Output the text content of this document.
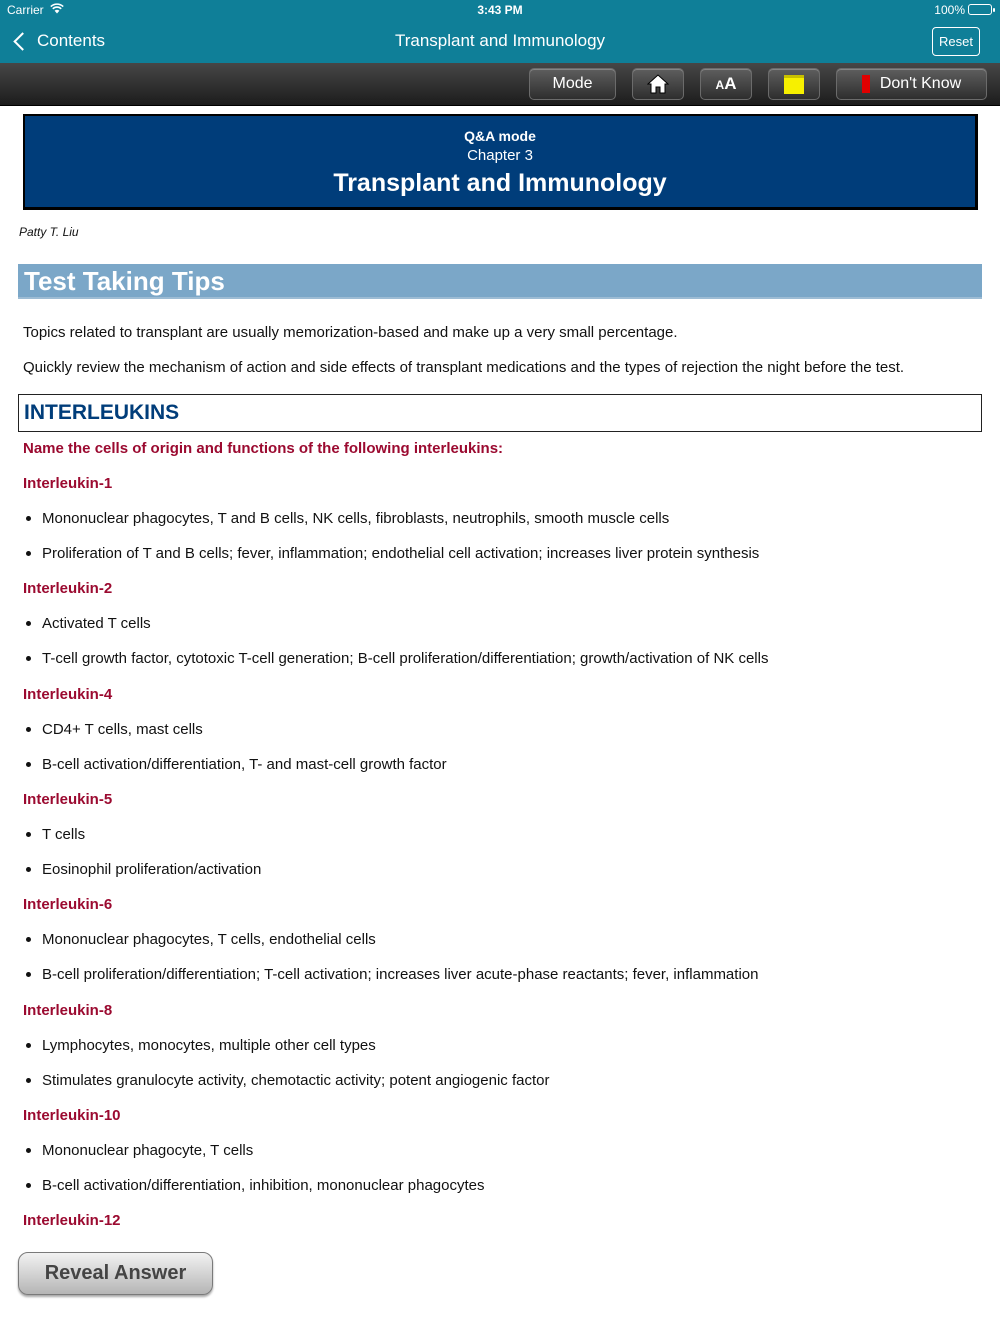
Carrier	3:43 PM	100%
Contents	Transplant and Immunology	Reset
Mode	AA	Don't Know
Q&A mode
Chapter 3
Transplant and Immunology
Patty T. Liu
Test Taking Tips
Topics related to transplant are usually memorization-based and make up a very small percentage.
Quickly review the mechanism of action and side effects of transplant medications and the types of rejection the night before the test.
INTERLEUKINS
Name the cells of origin and functions of the following interleukins:
Interleukin-1
Mononuclear phagocytes, T and B cells, NK cells, fibroblasts, neutrophils, smooth muscle cells
Proliferation of T and B cells; fever, inflammation; endothelial cell activation; increases liver protein synthesis
Interleukin-2
Activated T cells
T-cell growth factor, cytotoxic T-cell generation; B-cell proliferation/differentiation; growth/activation of NK cells
Interleukin-4
CD4+ T cells, mast cells
B-cell activation/differentiation, T- and mast-cell growth factor
Interleukin-5
T cells
Eosinophil proliferation/activation
Interleukin-6
Mononuclear phagocytes, T cells, endothelial cells
B-cell proliferation/differentiation; T-cell activation; increases liver acute-phase reactants; fever, inflammation
Interleukin-8
Lymphocytes, monocytes, multiple other cell types
Stimulates granulocyte activity, chemotactic activity; potent angiogenic factor
Interleukin-10
Mononuclear phagocyte, T cells
B-cell activation/differentiation, inhibition, mononuclear phagocytes
Interleukin-12
Reveal Answer
